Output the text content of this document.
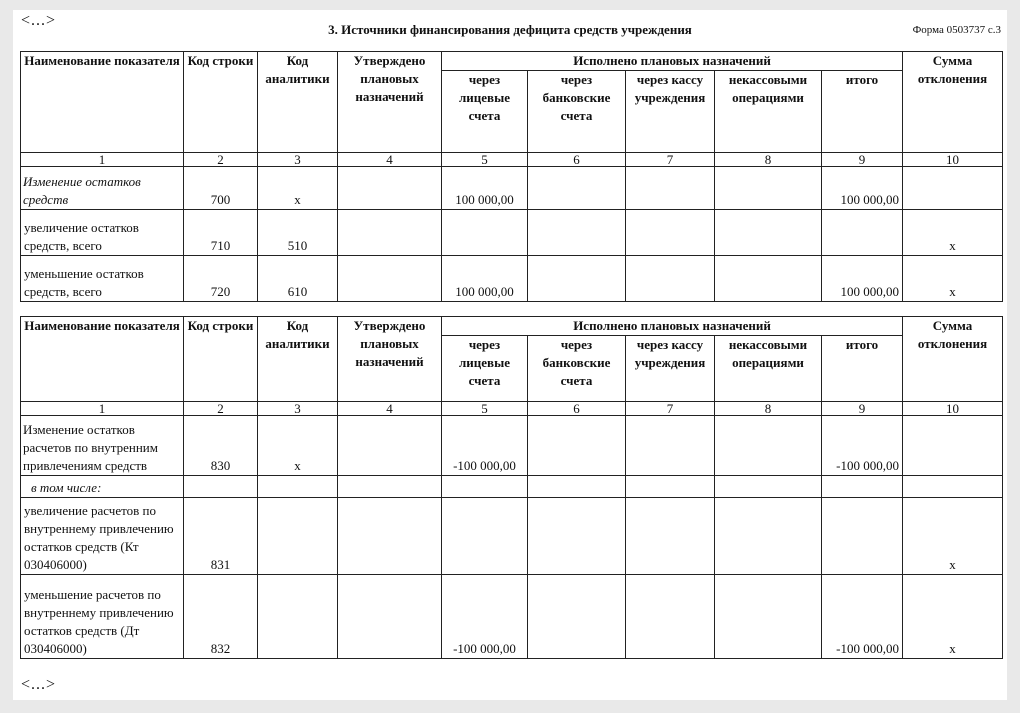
<...>
3. Источники финансирования дефицита средств учреждения	Форма 0503737 с.3
Наименование показателя	Код строки	Код аналитики	Утверждено плановых назначений	Исполнено плановых назначений					Сумма отклонения
				через лицевые счета	через банковские счета	через кассу учреждения	некассовыми операциями	итого	
1	2	3	4	5	6	7	8	9	10
Изменение остатков средств	700	x		100 000,00				100 000,00	
увеличение остатков средств, всего	710	510							x
уменьшение остатков средств, всего	720	610		100 000,00				100 000,00	x
Наименование показателя	Код строки	Код аналитики	Утверждено плановых назначений	Исполнено плановых назначений					Сумма отклонения
				через лицевые счета	через банковские счета	через кассу учреждения	некассовыми операциями	итого	
1	2	3	4	5	6	7	8	9	10
Изменение остатков расчетов по внутренним привлечениям средств	830	x		-100 000,00				-100 000,00	
в том числе:									
увеличение расчетов по внутреннему привлечению остатков средств (Кт 030406000)	831								x
уменьшение расчетов по внутреннему привлечению остатков средств (Дт 030406000)	832			-100 000,00				-100 000,00	x
<...>
